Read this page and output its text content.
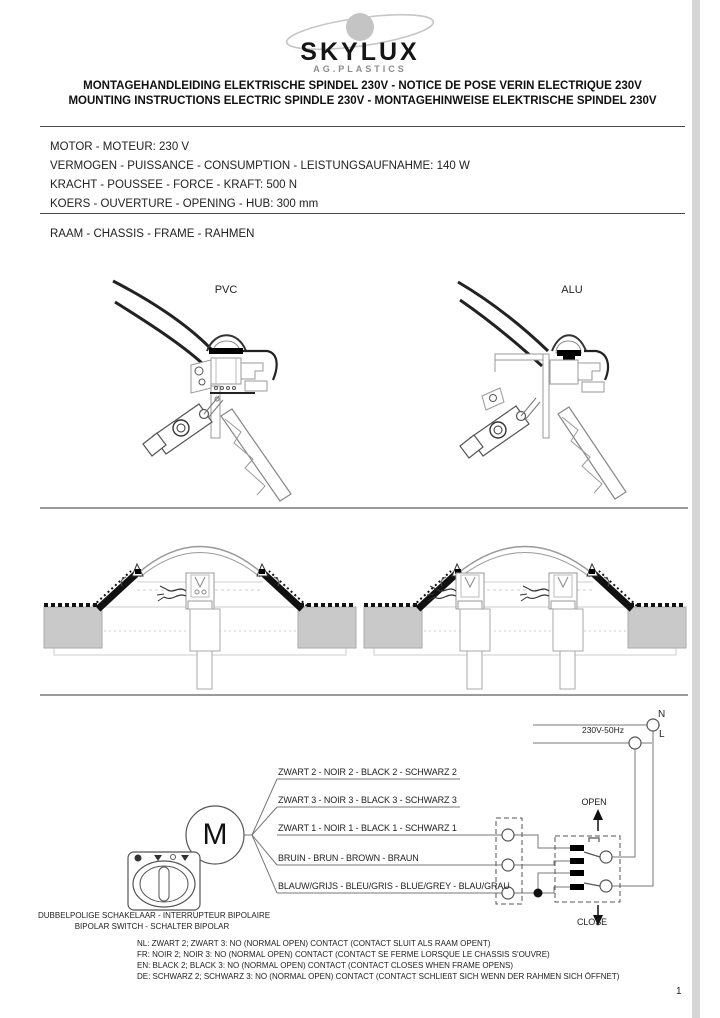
SKYLUX
AG.PLASTICS
MONTAGEHANDLEIDING ELEKTRISCHE SPINDEL 230V - NOTICE DE POSE VERIN ELECTRIQUE 230V
MOUNTING INSTRUCTIONS ELECTRIC SPINDLE 230V - MONTAGEHINWEISE ELEKTRISCHE SPINDEL 230V
MOTOR - MOTEUR: 230 V
VERMOGEN - PUISSANCE - CONSUMPTION - LEISTUNGSAUFNAHME: 140 W
KRACHT - POUSSEE - FORCE - KRAFT: 500 N
KOERS - OUVERTURE - OPENING - HUB: 300 mm
RAAM - CHASSIS - FRAME - RAHMEN
PVC	ALU
N
L
230V-50Hz
M
ZWART 2 - NOIR 2 - BLACK 2 - SCHWARZ 2
ZWART 3 - NOIR 3 - BLACK 3 - SCHWARZ 3
ZWART 1 - NOIR 1 - BLACK 1 - SCHWARZ 1
BRUIN - BRUN - BROWN - BRAUN
BLAUW/GRIJS - BLEU/GRIS - BLUE/GREY - BLAU/GRAU
OPEN
CLOSE
DUBBELPOLIGE SCHAKELAAR - INTERRUPTEUR BIPOLAIRE
BIPOLAR SWITCH - SCHALTER BIPOLAR
NL: ZWART 2; ZWART 3: NO (NORMAL OPEN) CONTACT (CONTACT SLUIT ALS RAAM OPENT)
FR: NOIR 2; NOIR 3: NO (NORMAL OPEN) CONTACT (CONTACT SE FERME LORSQUE LE CHASSIS S'OUVRE)
EN: BLACK 2; BLACK 3: NO (NORMAL OPEN) CONTACT (CONTACT CLOSES WHEN FRAME OPENS)
DE: SCHWARZ 2; SCHWARZ 3: NO (NORMAL OPEN) CONTACT (CONTACT SCHLIEßT SICH WENN DER RAHMEN SICH ÖFFNET)
1
